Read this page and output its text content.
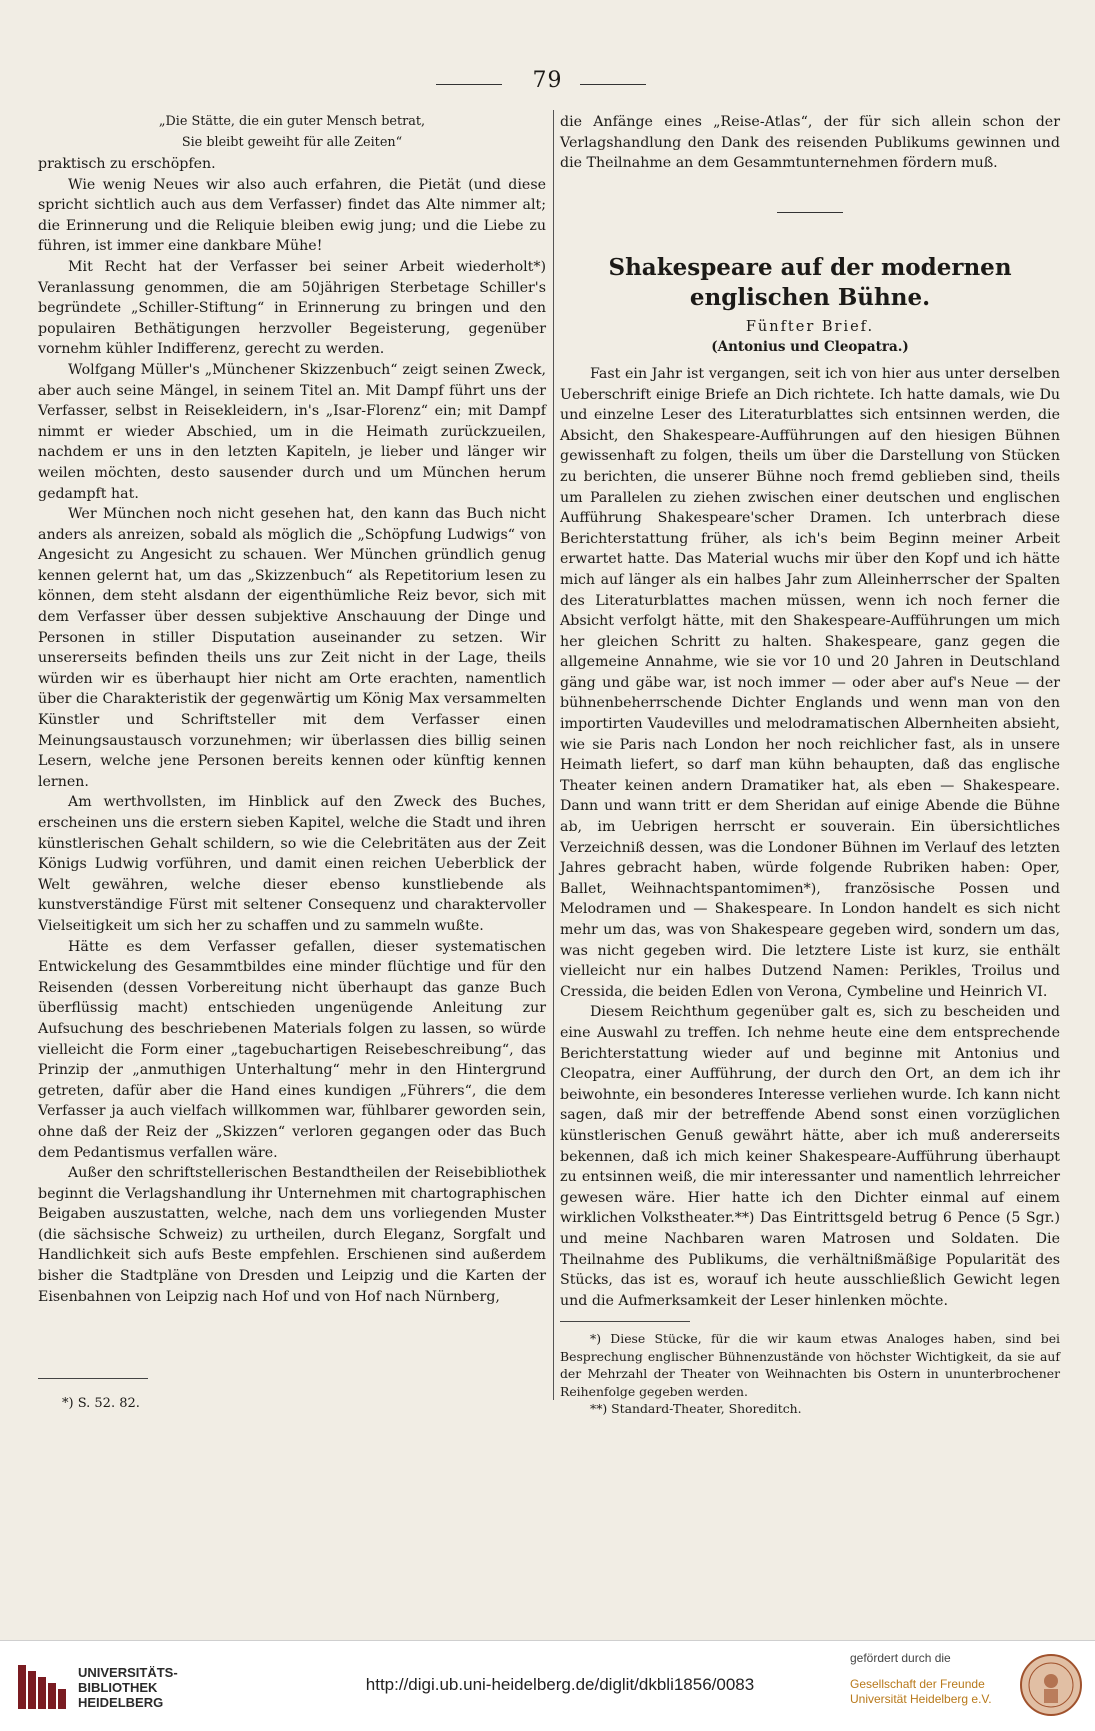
79

„Die Stätte, die ein guter Mensch betrat,

Sie bleibt geweiht für alle Zeiten“

praktisch zu erschöpfen.

Wie wenig Neues wir also auch erfahren, die Pietät (und diese spricht sichtlich auch aus dem Verfasser) findet das Alte nimmer alt; die Erinnerung und die Reliquie bleiben ewig jung; und die Liebe zu führen, ist immer eine dankbare Mühe!

Mit Recht hat der Verfasser bei seiner Arbeit wiederholt*) Veranlassung genommen, die am 50jährigen Sterbetage Schiller's begründete „Schiller-Stiftung“ in Erinnerung zu bringen und den populairen Bethätigungen herzvoller Begeisterung, gegenüber vornehm kühler Indifferenz, gerecht zu werden.

Wolfgang Müller's „Münchener Skizzenbuch“ zeigt seinen Zweck, aber auch seine Mängel, in seinem Titel an. Mit Dampf führt uns der Verfasser, selbst in Reisekleidern, in's „Isar-Florenz“ ein; mit Dampf nimmt er wieder Abschied, um in die Heimath zurückzueilen, nachdem er uns in den letzten Kapiteln, je lieber und länger wir weilen möchten, desto sausender durch und um München herum gedampft hat.

Wer München noch nicht gesehen hat, den kann das Buch nicht anders als anreizen, sobald als möglich die „Schöpfung Ludwigs“ von Angesicht zu Angesicht zu schauen. Wer München gründlich genug kennen gelernt hat, um das „Skizzenbuch“ als Repetitorium lesen zu können, dem steht alsdann der eigenthümliche Reiz bevor, sich mit dem Verfasser über dessen subjektive Anschauung der Dinge und Personen in stiller Disputation auseinander zu setzen. Wir unsererseits befinden theils uns zur Zeit nicht in der Lage, theils würden wir es überhaupt hier nicht am Orte erachten, namentlich über die Charakteristik der gegenwärtig um König Max versammelten Künstler und Schriftsteller mit dem Verfasser einen Meinungsaustausch vorzunehmen; wir überlassen dies billig seinen Lesern, welche jene Personen bereits kennen oder künftig kennen lernen.

Am werthvollsten, im Hinblick auf den Zweck des Buches, erscheinen uns die erstern sieben Kapitel, welche die Stadt und ihren künstlerischen Gehalt schildern, so wie die Celebritäten aus der Zeit Königs Ludwig vorführen, und damit einen reichen Ueberblick der Welt gewähren, welche dieser ebenso kunstliebende als kunstverständige Fürst mit seltener Consequenz und charaktervoller Vielseitigkeit um sich her zu schaffen und zu sammeln wußte.

Hätte es dem Verfasser gefallen, dieser systematischen Entwickelung des Gesammtbildes eine minder flüchtige und für den Reisenden (dessen Vorbereitung nicht überhaupt das ganze Buch überflüssig macht) entschieden ungenügende Anleitung zur Aufsuchung des beschriebenen Materials folgen zu lassen, so würde vielleicht die Form einer „tagebuchartigen Reisebeschreibung“, das Prinzip der „anmuthigen Unterhaltung“ mehr in den Hintergrund getreten, dafür aber die Hand eines kundigen „Führers“, die dem Verfasser ja auch vielfach willkommen war, fühlbarer geworden sein, ohne daß der Reiz der „Skizzen“ verloren gegangen oder das Buch dem Pedantismus verfallen wäre.

Außer den schriftstellerischen Bestandtheilen der Reisebibliothek beginnt die Verlagshandlung ihr Unternehmen mit chartographischen Beigaben auszustatten, welche, nach dem uns vorliegenden Muster (die sächsische Schweiz) zu urtheilen, durch Eleganz, Sorgfalt und Handlichkeit sich aufs Beste empfehlen. Erschienen sind außerdem bisher die Stadtpläne von Dresden und Leipzig und die Karten der Eisenbahnen von Leipzig nach Hof und von Hof nach Nürnberg,

die Anfänge eines „Reise-Atlas“, der für sich allein schon der Verlagshandlung den Dank des reisenden Publikums gewinnen und die Theilnahme an dem Gesammtunternehmen fördern muß.

Shakespeare auf der modernen englischen Bühne.

Fünfter Brief.

(Antonius und Cleopatra.)

Fast ein Jahr ist vergangen, seit ich von hier aus unter derselben Ueberschrift einige Briefe an Dich richtete. Ich hatte damals, wie Du und einzelne Leser des Literaturblattes sich entsinnen werden, die Absicht, den Shakespeare-Aufführungen auf den hiesigen Bühnen gewissenhaft zu folgen, theils um über die Darstellung von Stücken zu berichten, die unserer Bühne noch fremd geblieben sind, theils um Parallelen zu ziehen zwischen einer deutschen und englischen Aufführung Shakespeare'scher Dramen. Ich unterbrach diese Berichterstattung früher, als ich's beim Beginn meiner Arbeit erwartet hatte. Das Material wuchs mir über den Kopf und ich hätte mich auf länger als ein halbes Jahr zum Alleinherrscher der Spalten des Literaturblattes machen müssen, wenn ich noch ferner die Absicht verfolgt hätte, mit den Shakespeare-Aufführungen um mich her gleichen Schritt zu halten. Shakespeare, ganz gegen die allgemeine Annahme, wie sie vor 10 und 20 Jahren in Deutschland gäng und gäbe war, ist noch immer — oder aber auf's Neue — der bühnenbeherrschende Dichter Englands und wenn man von den importirten Vaudevilles und melodramatischen Albernheiten absieht, wie sie Paris nach London her noch reichlicher fast, als in unsere Heimath liefert, so darf man kühn behaupten, daß das englische Theater keinen andern Dramatiker hat, als eben — Shakespeare. Dann und wann tritt er dem Sheridan auf einige Abende die Bühne ab, im Uebrigen herrscht er souverain. Ein übersichtliches Verzeichniß dessen, was die Londoner Bühnen im Verlauf des letzten Jahres gebracht haben, würde folgende Rubriken haben: Oper, Ballet, Weihnachtspantomimen*), französische Possen und Melodramen und — Shakespeare. In London handelt es sich nicht mehr um das, was von Shakespeare gegeben wird, sondern um das, was nicht gegeben wird. Die letztere Liste ist kurz, sie enthält vielleicht nur ein halbes Dutzend Namen: Perikles, Troilus und Cressida, die beiden Edlen von Verona, Cymbeline und Heinrich VI.

Diesem Reichthum gegenüber galt es, sich zu bescheiden und eine Auswahl zu treffen. Ich nehme heute eine dem entsprechende Berichterstattung wieder auf und beginne mit Antonius und Cleopatra, einer Aufführung, der durch den Ort, an dem ich ihr beiwohnte, ein besonderes Interesse verliehen wurde. Ich kann nicht sagen, daß mir der betreffende Abend sonst einen vorzüglichen künstlerischen Genuß gewährt hätte, aber ich muß andererseits bekennen, daß ich mich keiner Shakespeare-Aufführung überhaupt zu entsinnen weiß, die mir interessanter und namentlich lehrreicher gewesen wäre. Hier hatte ich den Dichter einmal auf einem wirklichen Volkstheater.**) Das Eintrittsgeld betrug 6 Pence (5 Sgr.) und meine Nachbaren waren Matrosen und Soldaten. Die Theilnahme des Publikums, die verhältnißmäßige Popularität des Stücks, das ist es, worauf ich heute ausschließlich Gewicht legen und die Aufmerksamkeit der Leser hinlenken möchte.

*) Diese Stücke, für die wir kaum etwas Analoges haben, sind bei Besprechung englischer Bühnenzustände von höchster Wichtigkeit, da sie auf der Mehrzahl der Theater von Weihnachten bis Ostern in ununterbrochener Reihenfolge gegeben werden.

**) Standard-Theater, Shoreditch.

*) S. 52. 82.
UNIVERSITÄTS-
BIBLIOTHEK
HEIDELBERG
http://digi.ub.uni-heidelberg.de/diglit/dkbli1856/0083
gefördert durch die
Gesellschaft der Freunde
Universität Heidelberg e.V.
